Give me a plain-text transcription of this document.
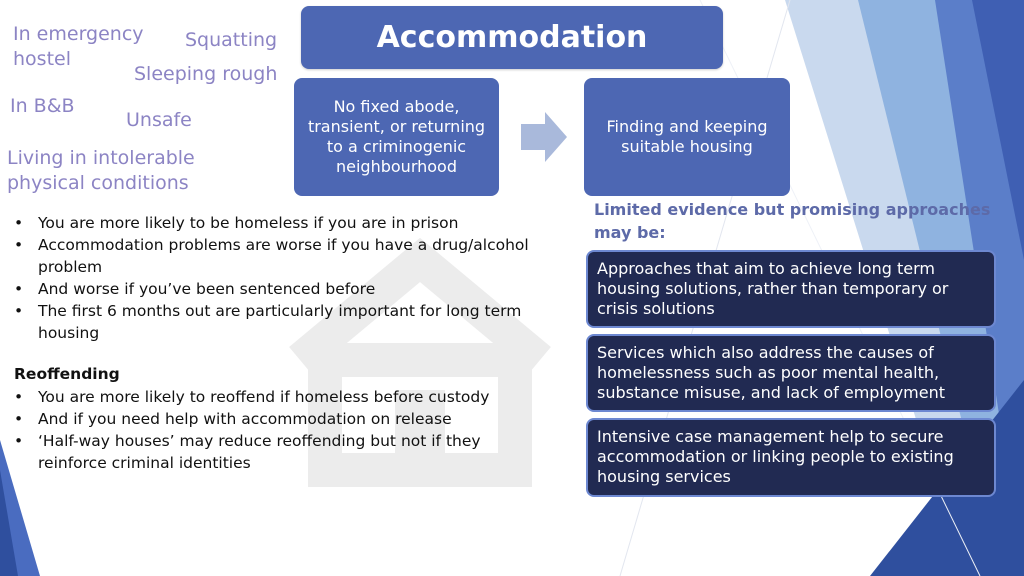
In emergency hostel
Squatting
Sleeping rough
In B&B
Unsafe
Living in intolerable physical conditions
Accommodation
No fixed abode, transient, or returning to a criminogenic neighbourhood
Finding and keeping suitable housing
Limited evidence but promising approaches may be:
Approaches that aim to achieve long term housing solutions, rather than temporary or crisis solutions
Services which also address the causes of homelessness such as poor mental health, substance misuse, and lack of employment
Intensive case management help to secure accommodation or linking people to existing housing services
• You are more likely to be homeless if you are in prison
• Accommodation problems are worse if you have a drug/alcohol problem
• And worse if you’ve been sentenced before
• The first 6 months out are particularly important for long term housing
Reoffending
• You are more likely to reoffend if homeless before custody
• And if you need help with accommodation on release
• ‘Half-way houses’ may reduce reoffending but not if they reinforce criminal identities
